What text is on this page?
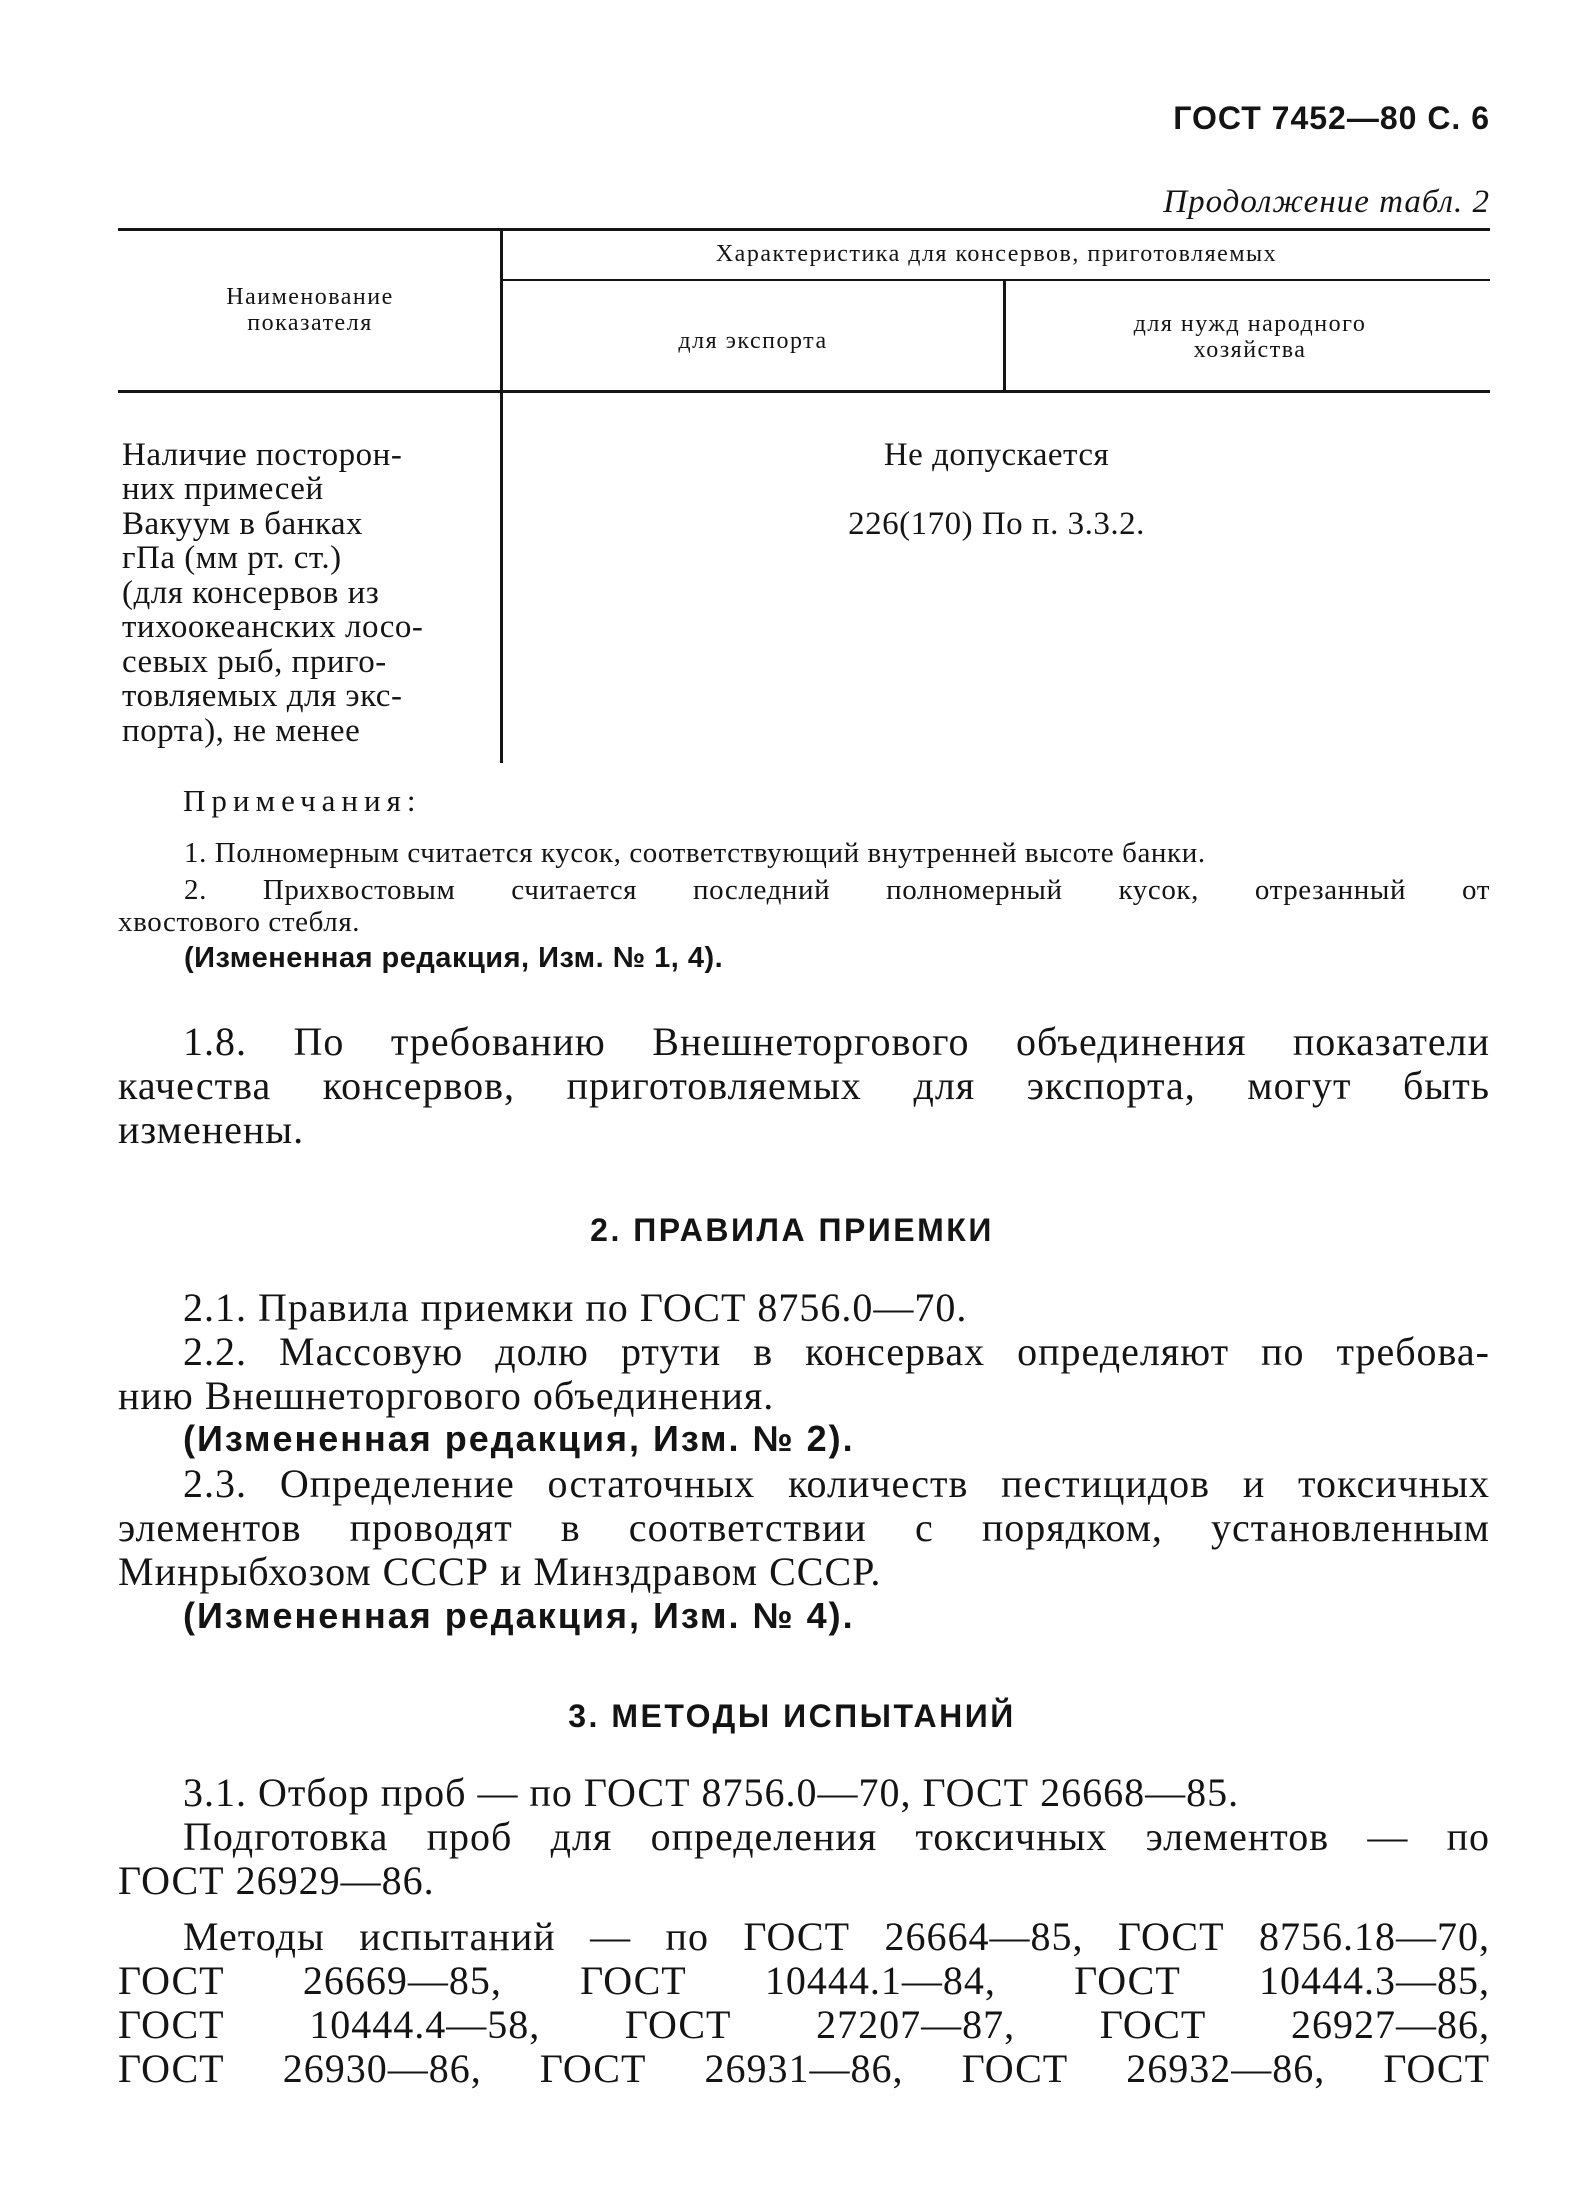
ГОСТ 7452—80 С. 6
Продолжение табл. 2
Наименование показателя
Характеристика для консервов, приготовляемых
для экспорта
для нужд народного хозяйства
Наличие посторон-
них примесей
Не допускается
Вакуум в банках
гПа (мм рт. ст.)
(для консервов из
тихоокеанских лосо-
севых рыб, приго-
товляемых для экс-
порта), не менее
226(170) По п. 3.3.2.
Примечания:
1. Полномерным считается кусок, соответствующий внутренней высоте банки.
2. Прихвостовым считается последний полномерный кусок, отрезанный от
хвостового стебля.
(Измененная редакция, Изм. № 1, 4).
1.8. По требованию Внешнеторгового объединения показатели
качества консервов, приготовляемых для экспорта, могут быть
изменены.
2. ПРАВИЛА ПРИЕМКИ
2.1. Правила приемки по ГОСТ 8756.0—70.
2.2. Массовую долю ртути в консервах определяют по требова-
нию Внешнеторгового объединения.
(Измененная редакция, Изм. № 2).
2.3. Определение остаточных количеств пестицидов и токсичных
элементов проводят в соответствии с порядком, установленным
Минрыбхозом СССР и Минздравом СССР.
(Измененная редакция, Изм. № 4).
3. МЕТОДЫ ИСПЫТАНИЙ
3.1. Отбор проб — по ГОСТ 8756.0—70, ГОСТ 26668—85.
Подготовка проб для определения токсичных элементов — по
ГОСТ 26929—86.
Методы испытаний — по ГОСТ 26664—85, ГОСТ 8756.18—70,
ГОСТ 26669—85, ГОСТ 10444.1—84, ГОСТ 10444.3—85,
ГОСТ 10444.4—58, ГОСТ 27207—87, ГОСТ 26927—86,
ГОСТ 26930—86, ГОСТ 26931—86, ГОСТ 26932—86, ГОСТ
